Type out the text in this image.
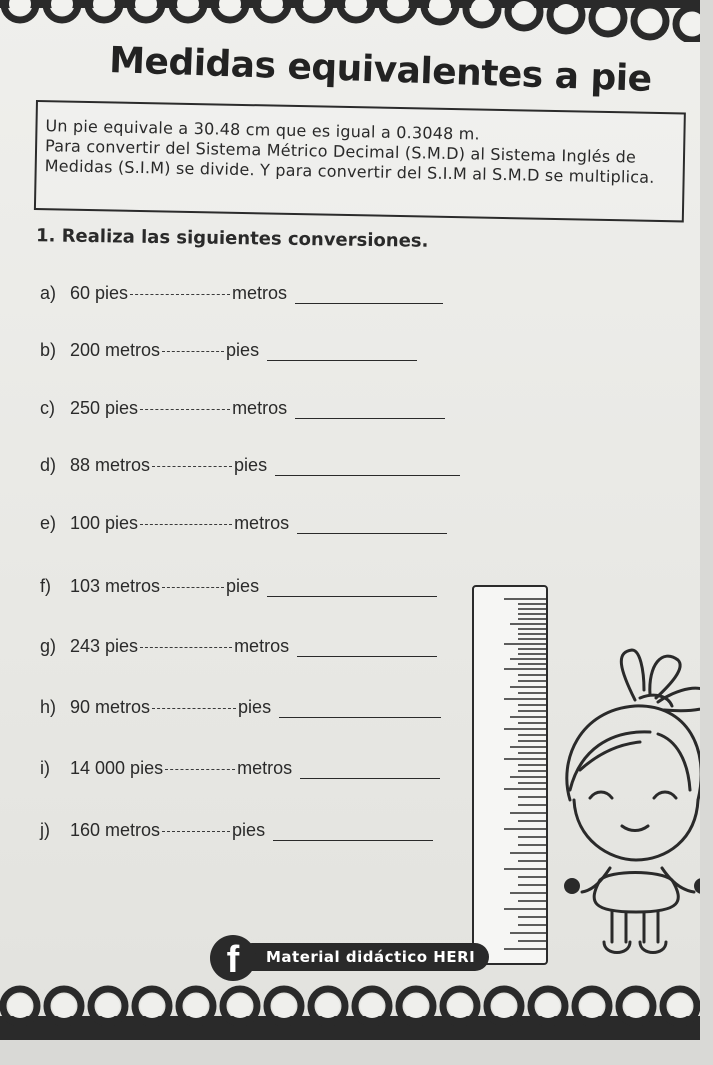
Medidas equivalentes a pie

Un pie equivale a 30.48 cm que es igual a 0.3048 m.

Para convertir del Sistema Métrico Decimal (S.M.D) al Sistema Inglés de Medidas (S.I.M) se divide. Y para convertir del S.I.M al S.M.D se multiplica.

1. Realiza las siguientes conversiones.
a) 60 pies	metros
b) 200 metros	pies
c) 250 pies	metros
d) 88 metros	pies
e) 100 pies	metros
f) 103 metros	pies
g) 243 pies	metros
h) 90 metros	pies
i) 14 000 pies	metros
j) 160 metros	pies
Material didáctico HERI
f
